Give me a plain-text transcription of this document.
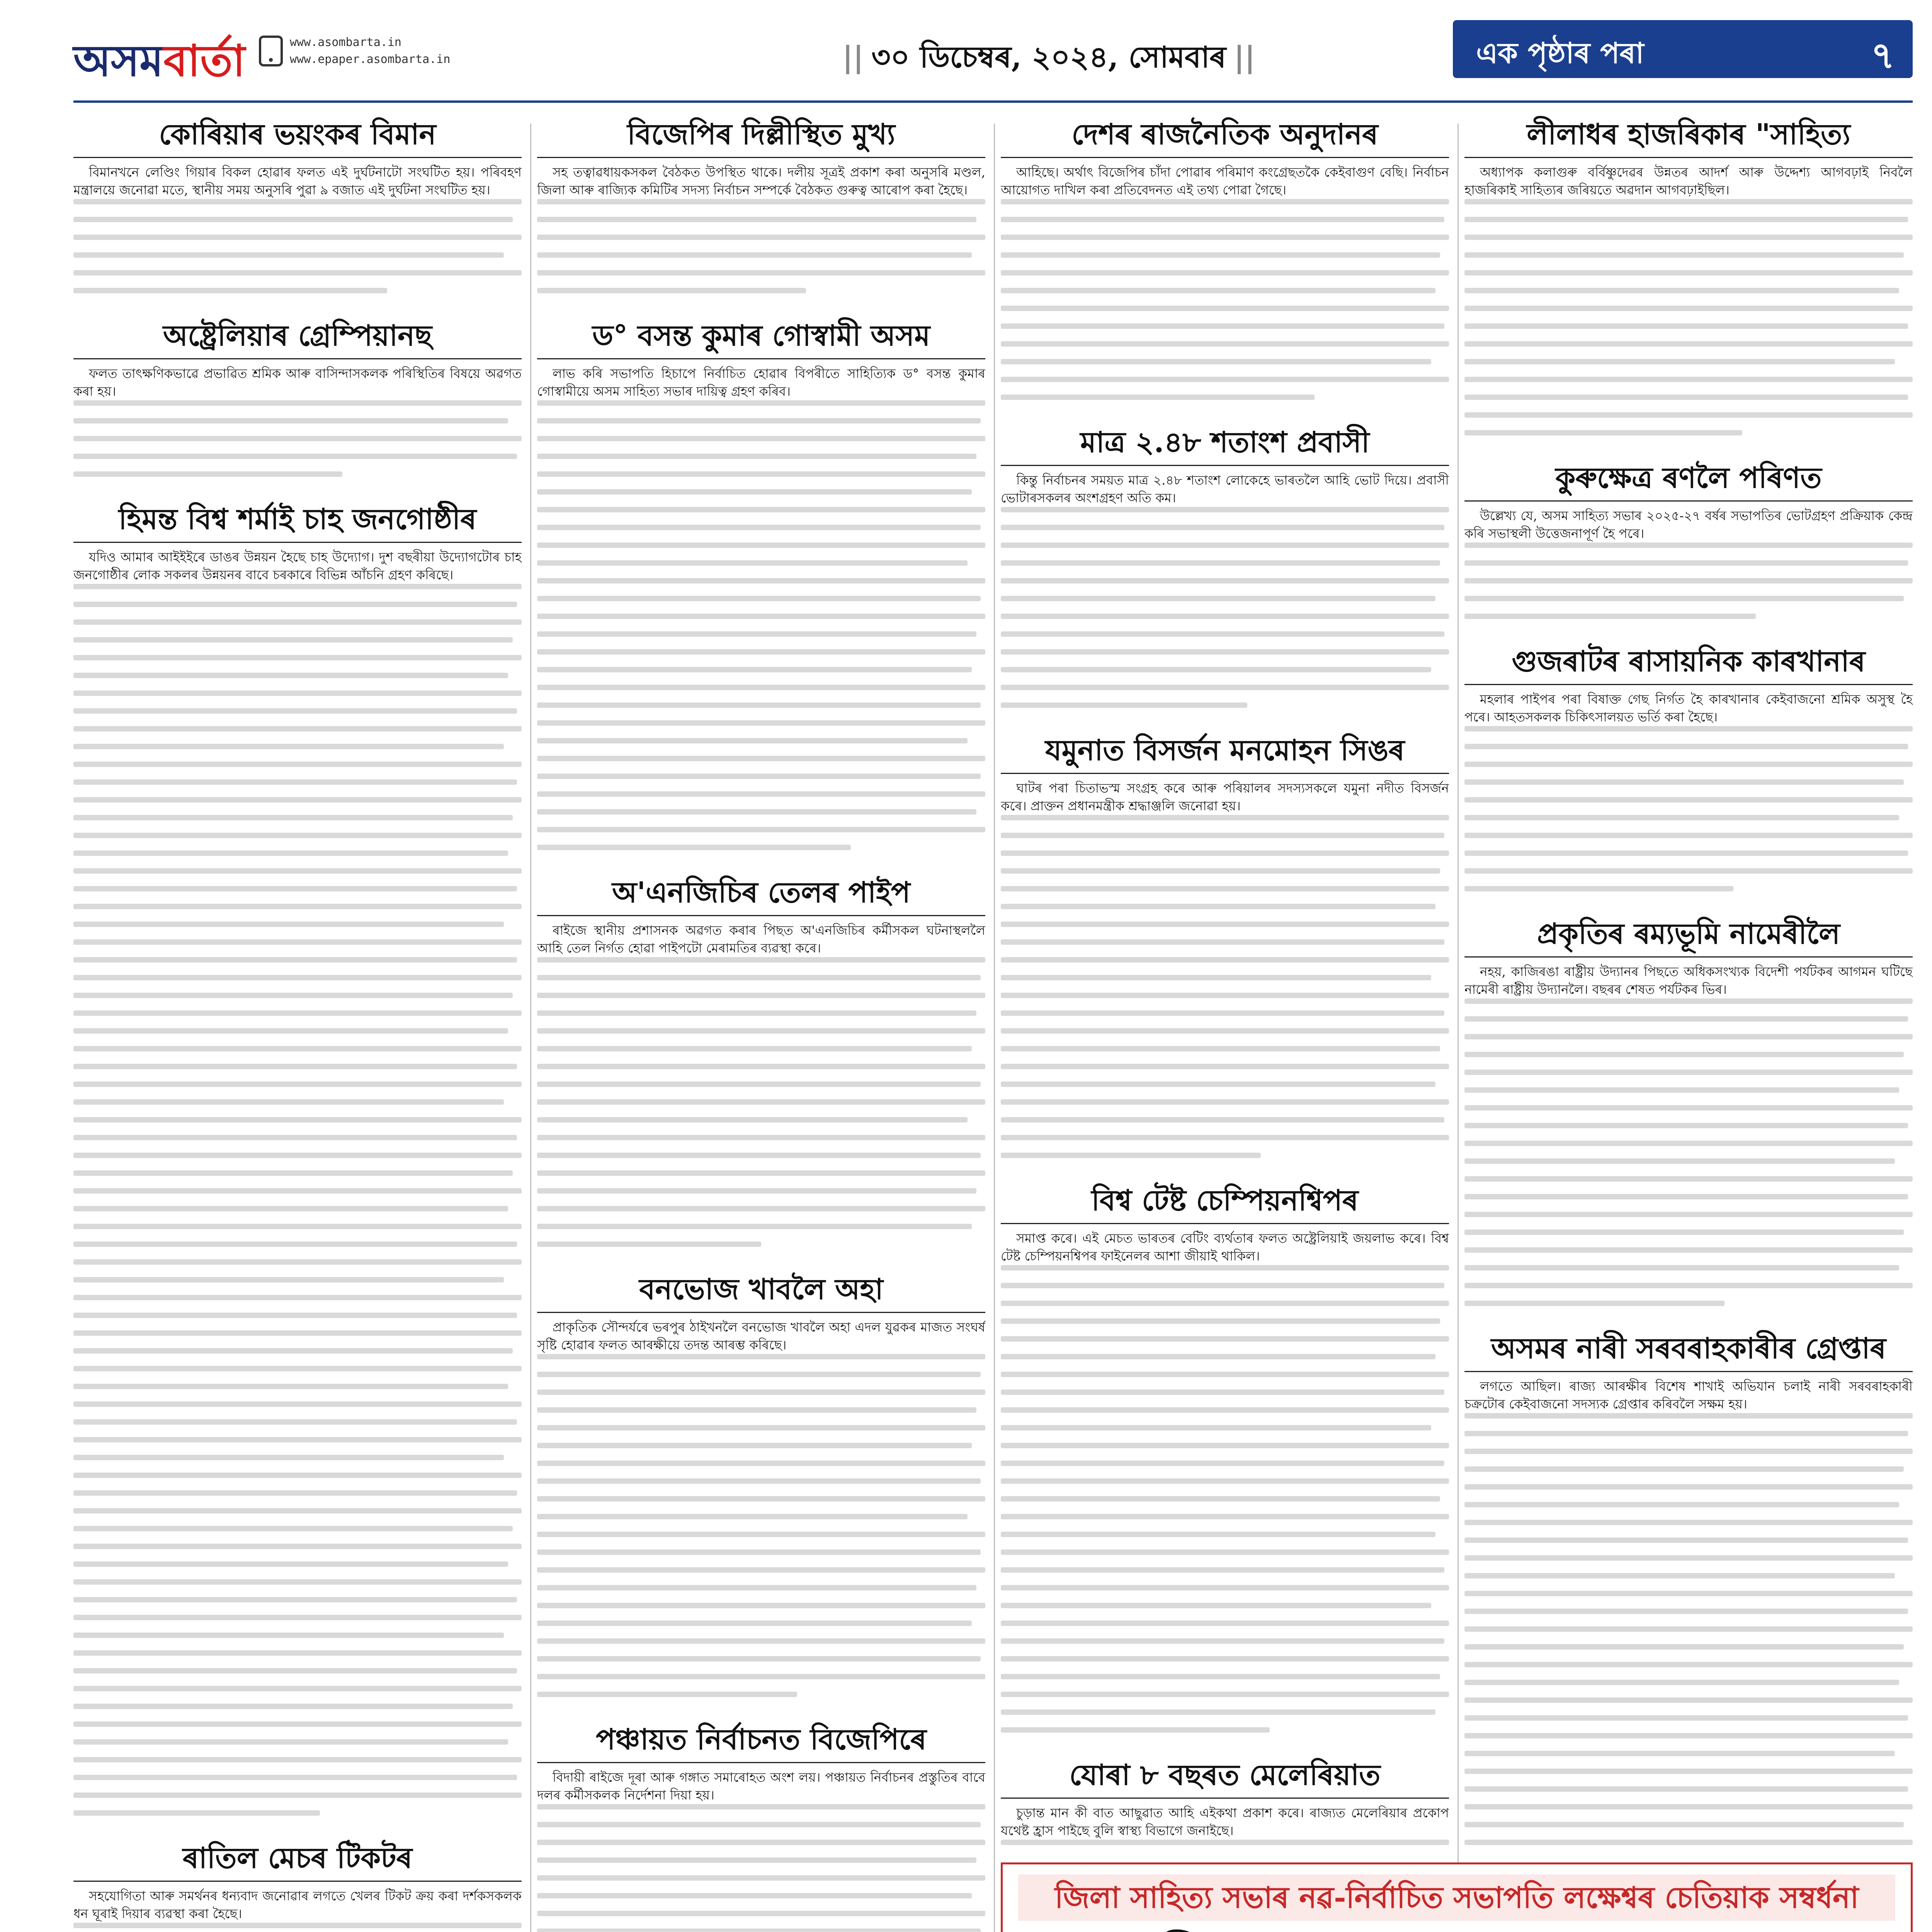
অসমবাৰ্তা	www.asombarta.in
www.epaper.asombarta.in	|| ৩০ ডিচেম্বৰ, ২০২৪, সোমবাৰ ||	এক পৃষ্ঠাৰ পৰা	৭
কোৰিয়াৰ ভয়ংকৰ বিমান

বিমানখনে লেণ্ডিং গিয়াৰ বিকল হোৱাৰ ফলত এই দুৰ্ঘটনাটো সংঘটিত হয়। পৰিবহণ মন্ত্ৰালয়ে জনোৱা মতে, স্থানীয় সময় অনুসৰি পুৱা ৯ বজাত এই দুৰ্ঘটনা সংঘটিত হয়।

অষ্ট্ৰেলিয়াৰ গ্ৰেম্পিয়ানছ

ফলত তাৎক্ষণিকভাৱে প্ৰভাৱিত শ্ৰমিক আৰু বাসিন্দাসকলক পৰিস্থিতিৰ বিষয়ে অৱগত কৰা হয়।

হিমন্ত বিশ্ব শৰ্মাই চাহ জনগোষ্ঠীৰ

যদিও আমাৰ আইইইৰে ডাঙৰ উন্নয়ন হৈছে চাহ উদ্যোগ। দুশ বছৰীয়া উদ্যোগটোৰ চাহ জনগোষ্ঠীৰ লোক সকলৰ উন্নয়নৰ বাবে চৰকাৰে বিভিন্ন আঁচনি গ্ৰহণ কৰিছে।

ৰাতিল মেচৰ টিকটৰ

সহযোগিতা আৰু সমৰ্থনৰ ধন্যবাদ জনোৱাৰ লগতে খেলৰ টিকট ক্ৰয় কৰা দৰ্শকসকলক ধন ঘূৰাই দিয়াৰ ব্যৱস্থা কৰা হৈছে।

বিজেপিৰ দিল্লীস্থিত মুখ্য

সহ তত্বাৱধায়কসকল বৈঠকত উপস্থিত থাকে। দলীয় সূত্ৰই প্ৰকাশ কৰা অনুসৰি মণ্ডল, জিলা আৰু ৰাজ্যিক কমিটিৰ সদস্য নিৰ্বাচন সম্পৰ্কে বৈঠকত গুৰুত্ব আৰোপ কৰা হৈছে।

ড° বসন্ত কুমাৰ গোস্বামী অসম

লাভ কৰি সভাপতি হিচাপে নিৰ্বাচিত হোৱাৰ বিপৰীতে সাহিত্যিক ড° বসন্ত কুমাৰ গোস্বামীয়ে অসম সাহিত্য সভাৰ দায়িত্ব গ্ৰহণ কৰিব।

অ'এনজিচিৰ তেলৰ পাইপ

ৰাইজে স্থানীয় প্ৰশাসনক অৱগত কৰাৰ পিছত অ'এনজিচিৰ কৰ্মীসকল ঘটনাস্থললৈ আহি তেল নিৰ্গত হোৱা পাইপটো মেৰামতিৰ ব্যৱস্থা কৰে।

বনভোজ খাবলৈ অহা

প্ৰাকৃতিক সৌন্দৰ্যৰে ভৰপুৰ ঠাইখনলৈ বনভোজ খাবলৈ অহা এদল যুৱকৰ মাজত সংঘৰ্ষ সৃষ্টি হোৱাৰ ফলত আৰক্ষীয়ে তদন্ত আৰম্ভ কৰিছে।

পঞ্চায়ত নিৰ্বাচনত বিজেপিৰে

বিদায়ী ৰাইজে দূৰা আৰু গঙ্গাত সমাৰোহত অংশ লয়। পঞ্চায়ত নিৰ্বাচনৰ প্ৰস্তুতিৰ বাবে দলৰ কৰ্মীসকলক নিৰ্দেশনা দিয়া হয়।

দেশৰ ৰাজনৈতিক অনুদানৰ

আহিছে। অৰ্থাৎ বিজেপিৰ চাঁদা পোৱাৰ পৰিমাণ কংগ্ৰেছতকৈ কেইবাগুণ বেছি। নিৰ্বাচন আয়োগত দাখিল কৰা প্ৰতিবেদনত এই তথ্য পোৱা গৈছে।

মাত্ৰ ২.৪৮ শতাংশ প্ৰবাসী

কিন্তু নিৰ্বাচনৰ সময়ত মাত্ৰ ২.৪৮ শতাংশ লোকেহে ভাৰতলৈ আহি ভোট দিয়ে। প্ৰবাসী ভোটাৰসকলৰ অংশগ্ৰহণ অতি কম।

যমুনাত বিসৰ্জন মনমোহন সিঙৰ

ঘাটৰ পৰা চিতাভস্ম সংগ্ৰহ কৰে আৰু পৰিয়ালৰ সদস্যসকলে যমুনা নদীত বিসৰ্জন কৰে। প্ৰাক্তন প্ৰধানমন্ত্ৰীক শ্ৰদ্ধাঞ্জলি জনোৱা হয়।

বিশ্ব টেষ্ট চেম্পিয়নশ্বিপৰ

সমাপ্ত কৰে। এই মেচত ভাৰতৰ বেটিং ব্যৰ্থতাৰ ফলত অষ্ট্ৰেলিয়াই জয়লাভ কৰে। বিশ্ব টেষ্ট চেম্পিয়নশ্বিপৰ ফাইনেলৰ আশা জীয়াই থাকিল।

যোৰা ৮ বছৰত মেলেৰিয়াত

চুড়ান্ত মান কী বাত আছুৱাত আহি এইকথা প্ৰকাশ কৰে। ৰাজ্যত মেলেৰিয়াৰ প্ৰকোপ যথেষ্ট হ্ৰাস পাইছে বুলি স্বাস্থ্য বিভাগে জনাইছে।

লীলাধৰ হাজৰিকাৰ "সাহিত্য

অধ্যাপক কলাগুৰু বৰ্বিষ্ণুদেৱৰ উন্নতৰ আদৰ্শ আৰু উদ্দেশ্য আগবঢ়াই নিবলৈ হাজৰিকাই সাহিত্যৰ জৰিয়তে অৱদান আগবঢ়াইছিল।

কুৰুক্ষেত্ৰ ৰণলৈ পৰিণত

উল্লেখ্য যে, অসম সাহিত্য সভাৰ ২০২৫-২৭ বৰ্ষৰ সভাপতিৰ ভোটগ্ৰহণ প্ৰক্ৰিয়াক কেন্দ্ৰ কৰি সভাস্থলী উত্তেজনাপূৰ্ণ হৈ পৰে।

গুজৰাটৰ ৰাসায়নিক কাৰখানাৰ

মহলাৰ পাইপৰ পৰা বিষাক্ত গেছ নিৰ্গত হৈ কাৰখানাৰ কেইবাজনো শ্ৰমিক অসুস্থ হৈ পৰে। আহতসকলক চিকিৎসালয়ত ভৰ্তি কৰা হৈছে।

প্ৰকৃতিৰ ৰম্যভূমি নামেৰীলৈ

নহয়, কাজিৰঙা ৰাষ্ট্ৰীয় উদ্যানৰ পিছতে অধিকসংখ্যক বিদেশী পৰ্যটকৰ আগমন ঘটিছে নামেৰী ৰাষ্ট্ৰীয় উদ্যানলৈ। বছৰৰ শেষত পৰ্যটকৰ ভিৰ।

অসমৰ নাৰী সৰবৰাহকাৰীৰ গ্ৰেপ্তাৰ

লগতে আছিল। ৰাজ্য আৰক্ষীৰ বিশেষ শাখাই অভিযান চলাই নাৰী সৰবৰাহকাৰী চক্ৰটোৰ কেইবাজনো সদস্যক গ্ৰেপ্তাৰ কৰিবলৈ সক্ষম হয়।

জিলা সাহিত্য সভাৰ নৱ-নিৰ্বাচিত সভাপতি লক্ষেশ্বৰ চেতিয়াক সম্বৰ্ধনা
